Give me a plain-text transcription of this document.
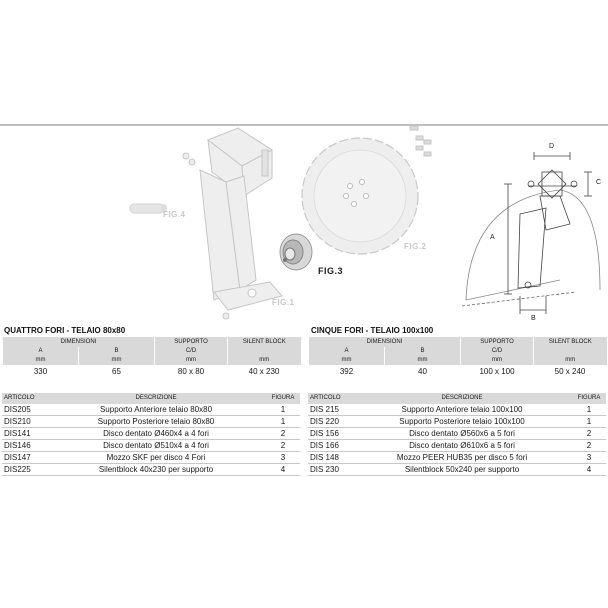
FIG.4
FIG.1
FIG.3
FIG.2
D
C
A
B
QUATTRO FORI - TELAIO 80x80
DIMENSIONI		SUPPORTO	SILENT BLOCK
A	B	C/D	
mm	mm	mm	mm
330	65	80 x 80	40 x 230
ARTICOLO	DESCRIZIONE	FIGURA
DIS205	Supporto Anteriore telaio 80x80	1
DIS210	Supporto Posteriore telaio 80x80	1
DIS141	Disco dentato Ø460x4 a 4 fori	2
DIS146	Disco dentato Ø510x4 a 4 fori	2
DIS147	Mozzo SKF per disco 4 Fori	3
DIS225	Silentblock 40x230 per supporto	4
CINQUE FORI - TELAIO 100x100
DIMENSIONI		SUPPORTO	SILENT BLOCK
A	B	C/D	
mm	mm	mm	mm
392	40	100 x 100	50 x 240
ARTICOLO	DESCRIZIONE	FIGURA
DIS 215	Supporto Anteriore telaio 100x100	1
DIS 220	Supporto Posteriore telaio 100x100	1
DIS 156	Disco dentato Ø560x6 a 5 fori	2
DIS 166	Disco dentato Ø610x6 a 5 fori	2
DIS 148	Mozzo PEER HUB35 per disco 5 fori	3
DIS 230	Silentblock 50x240 per supporto	4
